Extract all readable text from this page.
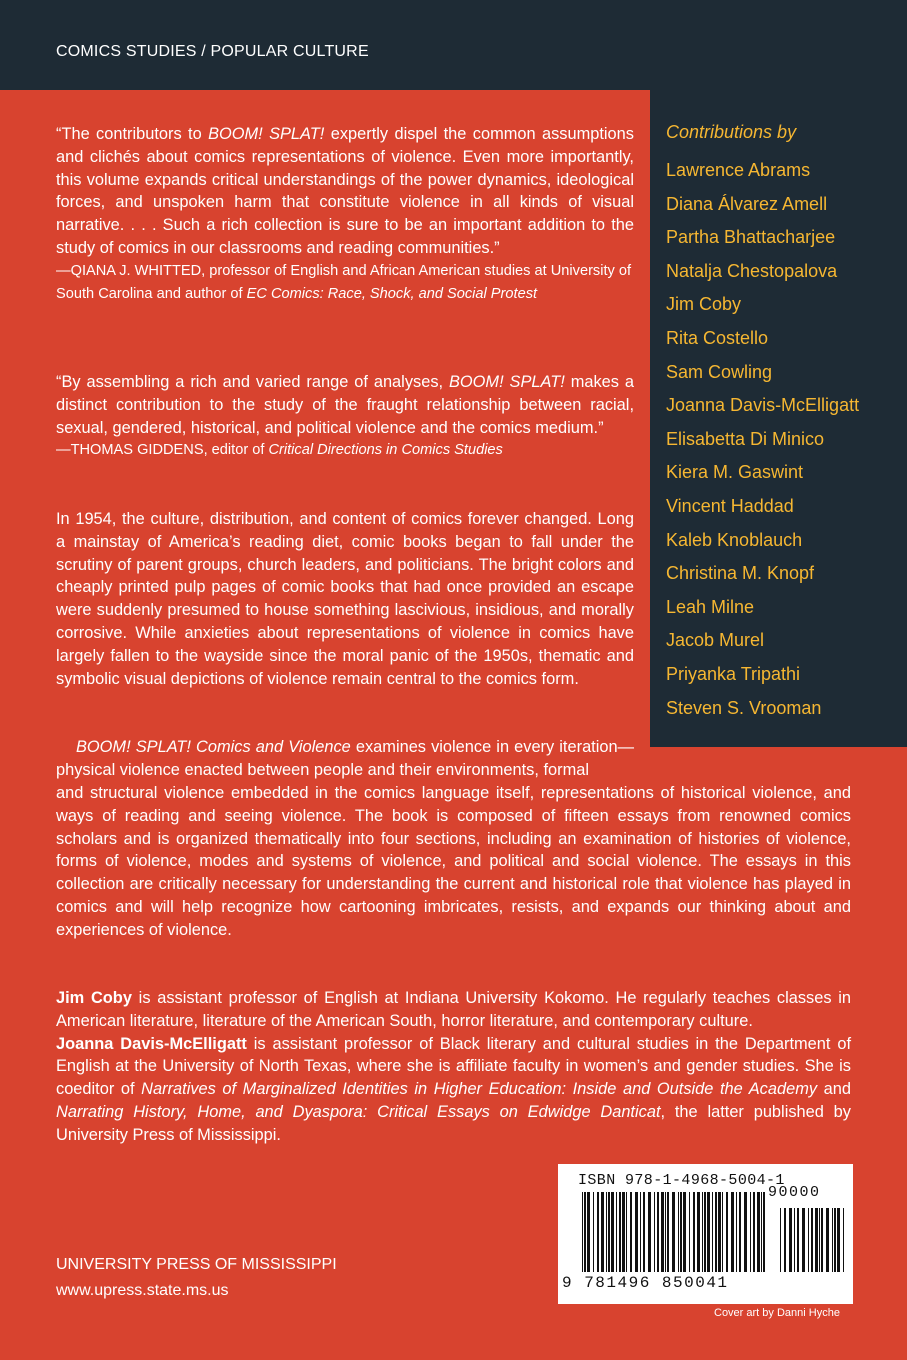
COMICS STUDIES / POPULAR CULTURE
Contributions by
Lawrence Abrams
Diana Álvarez Amell
Partha Bhattacharjee
Natalja Chestopalova
Jim Coby
Rita Costello
Sam Cowling
Joanna Davis-McElligatt
Elisabetta Di Minico
Kiera M. Gaswint
Vincent Haddad
Kaleb Knoblauch
Christina M. Knopf
Leah Milne
Jacob Murel
Priyanka Tripathi
Steven S. Vrooman
“The contributors to BOOM! SPLAT! expertly dispel the common assumptions and clichés about comics representations of violence. Even more importantly, this volume expands critical understandings of the power dynamics, ideological forces, and unspoken harm that constitute violence in all kinds of visual narrative. . . . Such a rich collection is sure to be an important addition to the study of comics in our classrooms and reading communities.”
—QIANA J. WHITTED, professor of English and African American studies at University of South Carolina and author of EC Comics: Race, Shock, and Social Protest
“By assembling a rich and varied range of analyses, BOOM! SPLAT! makes a distinct contribution to the study of the fraught relationship between racial, sexual, gendered, historical, and political violence and the comics medium.”
—THOMAS GIDDENS, editor of Critical Directions in Comics Studies
In 1954, the culture, distribution, and content of comics forever changed. Long a mainstay of America’s reading diet, comic books began to fall under the scrutiny of parent groups, church leaders, and politicians. The bright colors and cheaply printed pulp pages of comic books that had once provided an escape were suddenly presumed to house something lascivious, insidious, and morally corrosive. While anxieties about representations of violence in comics have largely fallen to the wayside since the moral panic of the 1950s, thematic and symbolic visual depictions of violence remain central to the comics form.
BOOM! SPLAT! Comics and Violence examines violence in every iteration—physical violence enacted between people and their environments, formal
and structural violence embedded in the comics language itself, representations of historical violence, and ways of reading and seeing violence. The book is composed of fifteen essays from renowned comics scholars and is organized thematically into four sections, including an examination of histories of violence, forms of violence, modes and systems of violence, and political and social violence. The essays in this collection are critically necessary for understanding the current and historical role that violence has played in comics and will help recognize how cartooning imbricates, resists, and expands our thinking about and experiences of violence.
Jim Coby is assistant professor of English at Indiana University Kokomo. He regularly teaches classes in American literature, literature of the American South, horror literature, and contemporary culture.
Joanna Davis-McElligatt is assistant professor of Black literary and cultural studies in the Department of English at the University of North Texas, where she is affiliate faculty in women’s and gender studies. She is coeditor of Narratives of Marginalized Identities in Higher Education: Inside and Outside the Academy and Narrating History, Home, and Dyaspora: Critical Essays on Edwidge Danticat, the latter published by University Press of Mississippi.
UNIVERSITY PRESS OF MISSISSIPPI
www.upress.state.ms.us
ISBN 978-1-4968-5004-1
90000
9 781496 850041
Cover art by Danni Hyche
